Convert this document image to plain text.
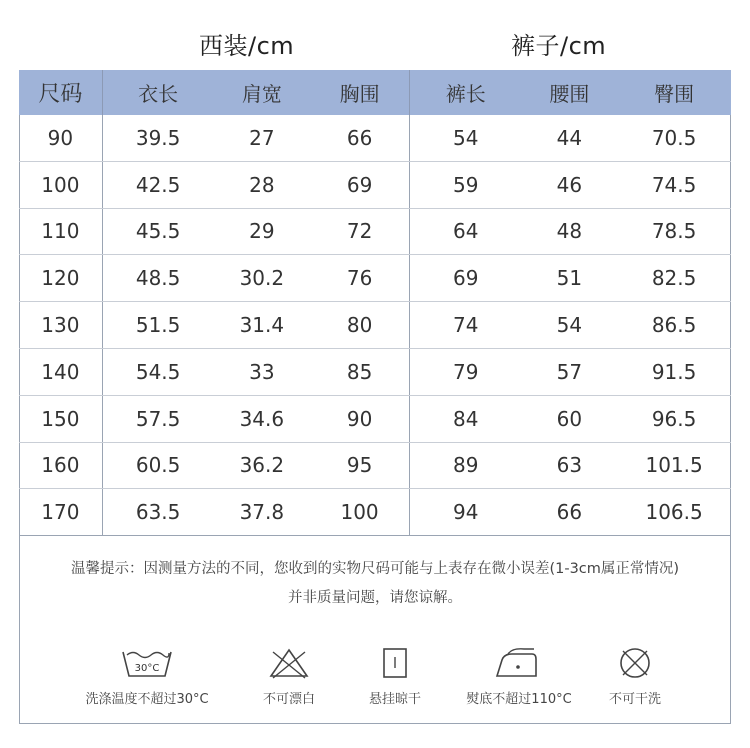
西装/cm	裤子/cm
尺码	衣长	肩宽	胸围	裤长	腰围	臀围
90	39.5	27	66	54	44	70.5
100	42.5	28	69	59	46	74.5
110	45.5	29	72	64	48	78.5
120	48.5	30.2	76	69	51	82.5
130	51.5	31.4	80	74	54	86.5
140	54.5	33	85	79	57	91.5
150	57.5	34.6	90	84	60	96.5
160	60.5	36.2	95	89	63	101.5
170	63.5	37.8	100	94	66	106.5
温馨提示：因测量方法的不同，您收到的实物尺码可能与上表存在微小误差(1-3cm属正常情况)
并非质量问题，请您谅解。
30°C
洗涤温度不超过30°C	不可漂白	悬挂晾干	熨底不超过110°C	不可干洗
